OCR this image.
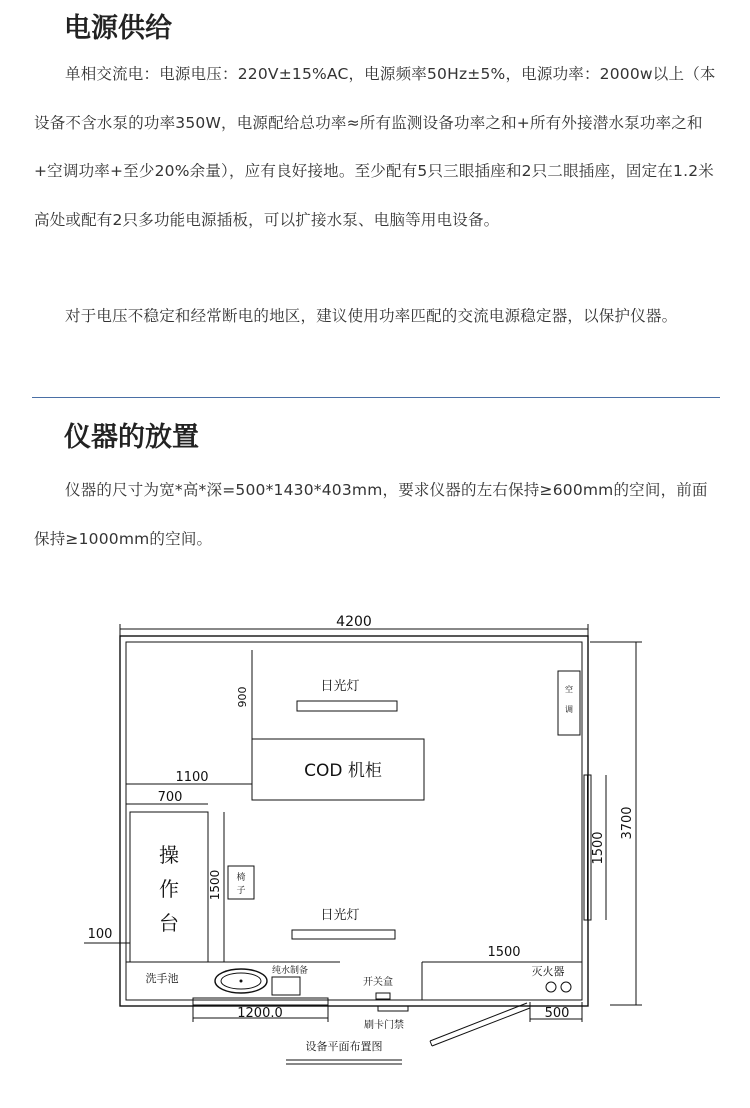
电源供给

单相交流电：电源电压：220V±15%AC，电源频率50Hz±5%，电源功率：2000w以上（本设备不含水泵的功率350W，电源配给总功率≈所有监测设备功率之和+所有外接潜水泵功率之和+空调功率+至少20%余量），应有良好接地。至少配有5只三眼插座和2只二眼插座，固定在1.2米高处或配有2只多功能电源插板，可以扩接水泵、电脑等用电设备。

对于电压不稳定和经常断电的地区，建议使用功率匹配的交流电源稳定器，以保护仪器。

仪器的放置

仪器的尺寸为宽*高*深=500*1430*403mm，要求仪器的左右保持≥600mm的空间，前面保持≥1000mm的空间。

4200
3700
COD 机柜
900	日光灯
日光灯
1100
700
操
作
台
1500 椅
子
100
洗手池
纯水制备
开关盒
1500
灭火器
1500
空
调
1200.0
刷卡门禁
500
设备平面布置图
